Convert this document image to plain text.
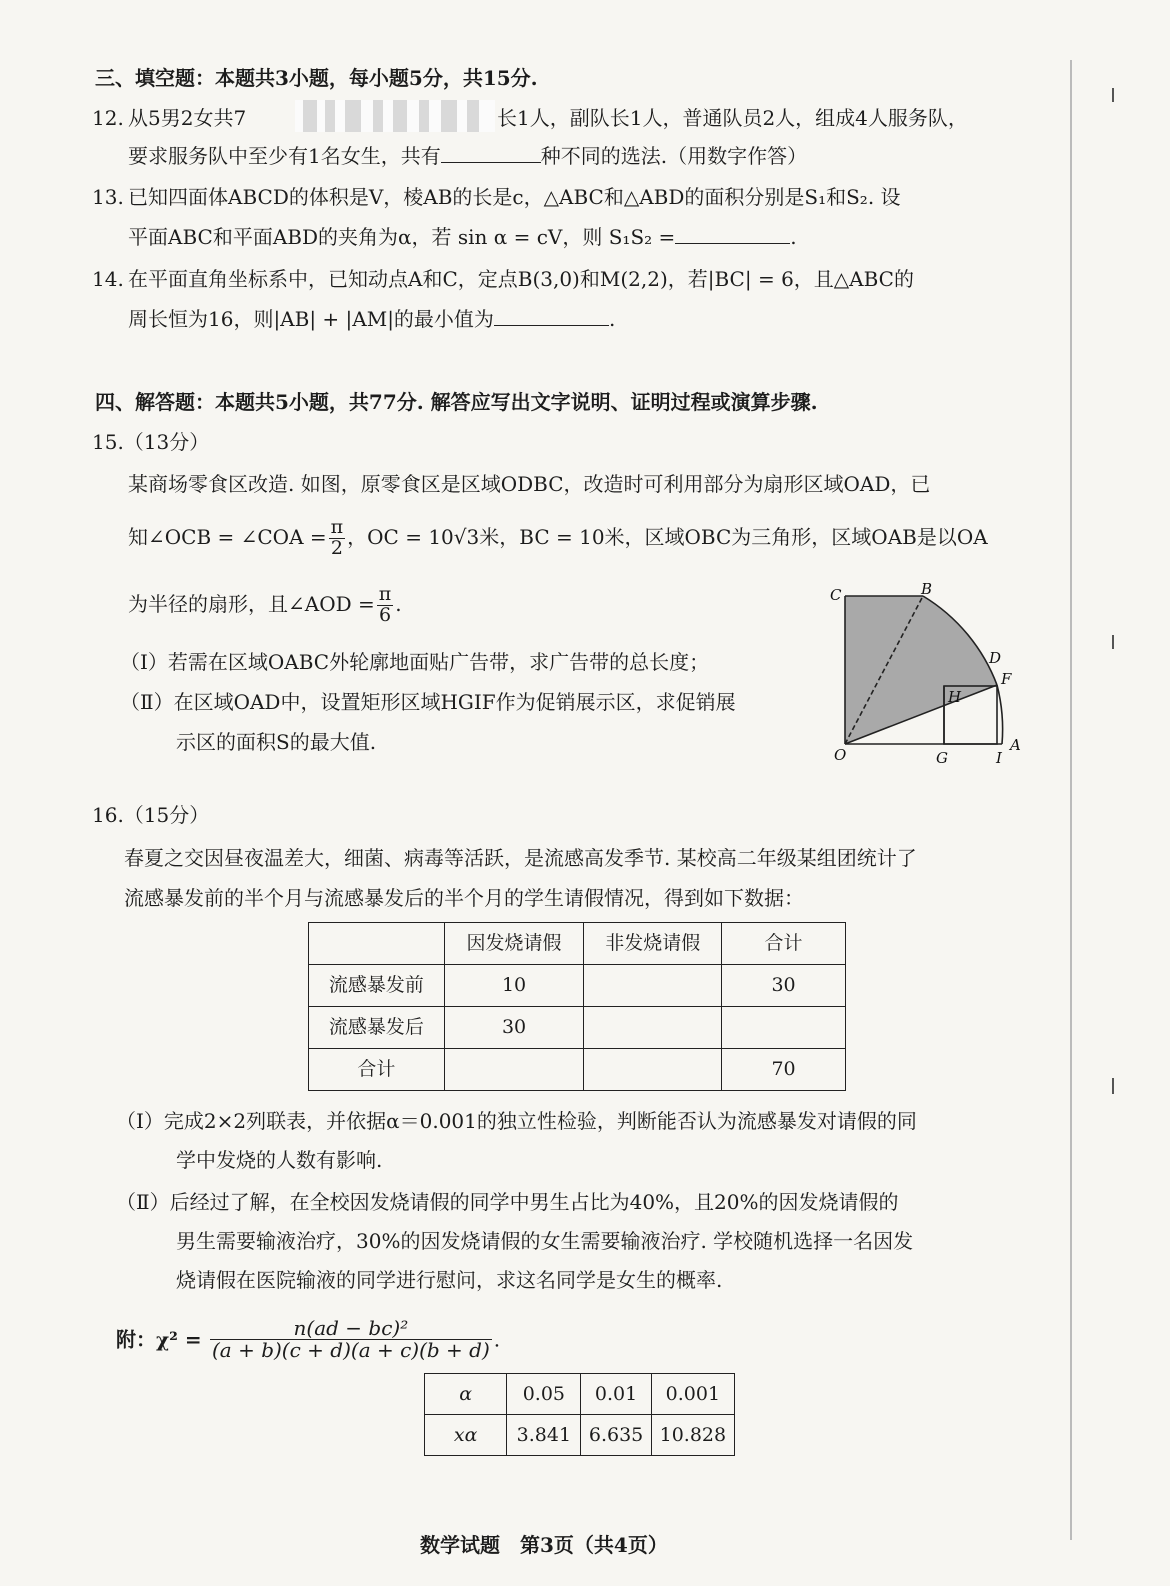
三、填空题：本题共3小题，每小题5分，共15分.
12. 从5男2女共7	长1人，副队长1人，普通队员2人，组成4人服务队，
要求服务队中至少有1名女生，共有	种不同的选法.（用数字作答）
13. 已知四面体ABCD的体积是V，棱AB的长是c，△ABC和△ABD的面积分别是S₁和S₂. 设
平面ABC和平面ABD的夹角为α，若 sin α = cV，则 S₁S₂ =	.
14. 在平面直角坐标系中，已知动点A和C，定点B(3,0)和M(2,2)，若|BC| = 6，且△ABC的
周长恒为16，则|AB| + |AM|的最小值为	.
四、解答题：本题共5小题，共77分. 解答应写出文字说明、证明过程或演算步骤.
15.（13分）
某商场零食区改造. 如图，原零食区是区域ODBC，改造时可利用部分为扇形区域OAD，已
知∠OCB = ∠COA = $\frac{\pi}{2}$ ，OC = 10√3米，BC = 10米，区域OBC为三角形，区域OAB是以OA
为半径的扇形，且∠AOD = $\frac{\pi}{6}$ .
（Ⅰ）若需在区域OABC外轮廓地面贴广告带，求广告带的总长度；
（Ⅱ）在区域OAD中，设置矩形区域HGIF作为促销展示区，求促销展
示区的面积S的最大值.
C	B
D
F
H
O	G	I
A
16.（15分）
春夏之交因昼夜温差大，细菌、病毒等活跃，是流感高发季节. 某校高二年级某组团统计了
流感暴发前的半个月与流感暴发后的半个月的学生请假情况，得到如下数据：
	因发烧请假	非发烧请假	合计
流感暴发前	10		30
流感暴发后	30		
合计			70
（Ⅰ）完成2×2列联表，并依据α＝0.001的独立性检验，判断能否认为流感暴发对请假的同
学中发烧的人数有影响.
（Ⅱ）后经过了解，在全校因发烧请假的同学中男生占比为40%，且20%的因发烧请假的
男生需要输液治疗，30%的因发烧请假的女生需要输液治疗. 学校随机选择一名因发
烧请假在医院输液的同学进行慰问，求这名同学是女生的概率.
附：$\chi^2 = \frac{\text{n(ad − bc)²}}{(a + b)(c + d)(a + c)(b + d)}$ .
α	0.05	0.01	0.001
xα	3.841	6.635	10.828
数学试题　第3页（共4页）
